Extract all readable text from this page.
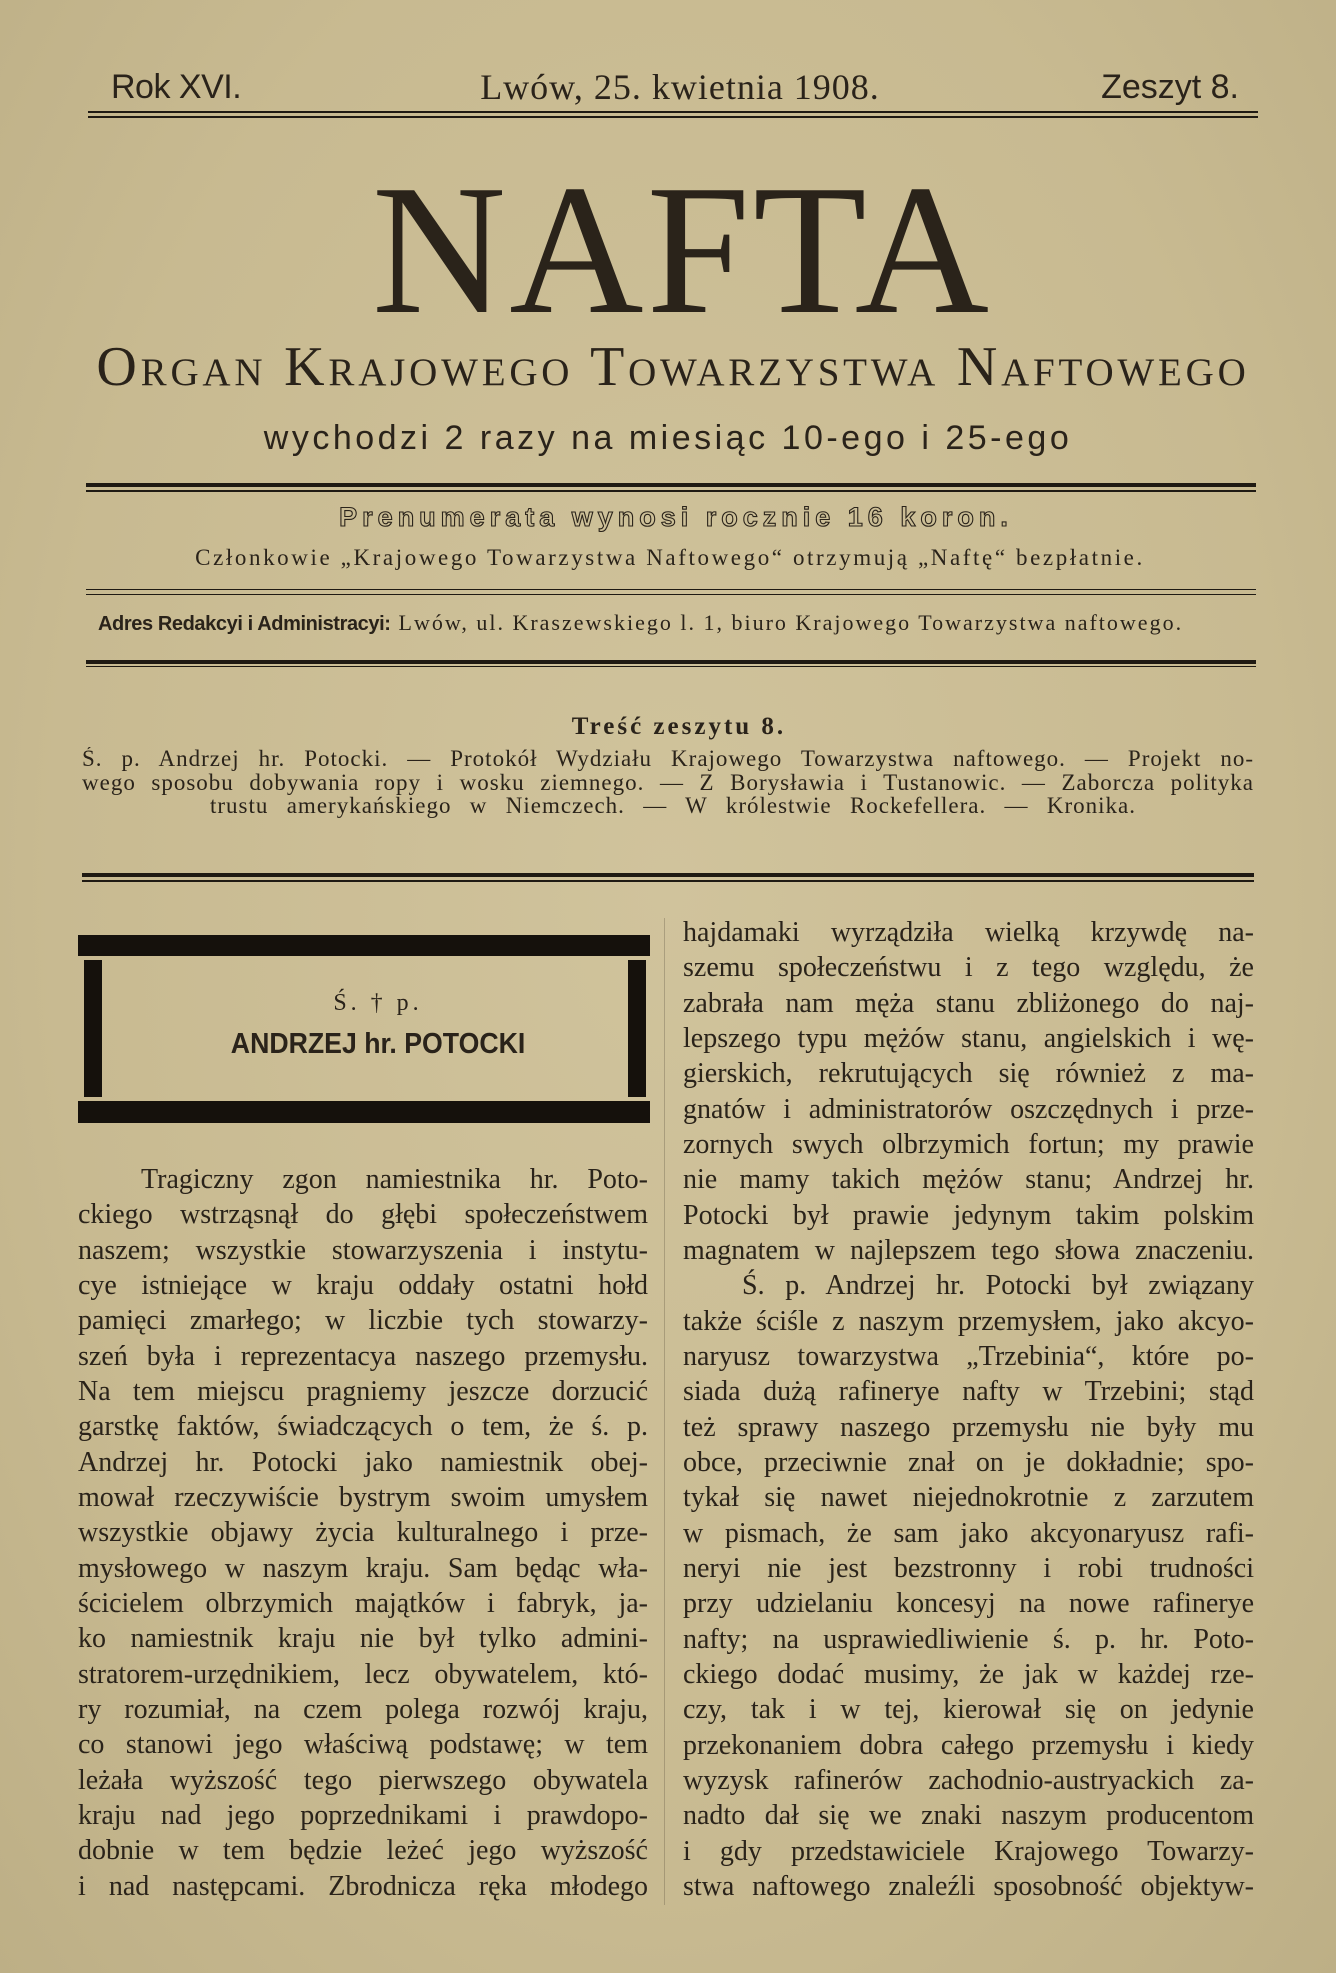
Rok XVI.	Lwów, 25. kwietnia 1908.	Zeszyt 8.
NAFTA
Organ Krajowego Towarzystwa Naftowego
wychodzi 2 razy na miesiąc 10-ego i 25-ego
Prenumerata wynosi rocznie 16 koron.
Członkowie „Krajowego Towarzystwa Naftowego“ otrzymują „Naftę“ bezpłatnie.
Adres Redakcyi i Administracyi: Lwów, ul. Kraszewskiego l. 1, biuro Krajowego Towarzystwa naftowego.
Treść zeszytu 8.
Ś. p. Andrzej hr. Potocki. — Protokół Wydziału Krajowego Towarzystwa naftowego. — Projekt no-
wego sposobu dobywania ropy i wosku ziemnego. — Z Borysławia i Tustanowic. — Zaborcza polityka
trustu amerykańskiego w Niemczech. — W królestwie Rockefellera. — Kronika.
Ś. † p.
ANDRZEJ hr. POTOCKI
Tragiczny zgon namiestnika hr. Poto-
ckiego wstrząsnął do głębi społeczeństwem
naszem; wszystkie stowarzyszenia i instytu-
cye istniejące w kraju oddały ostatni hołd
pamięci zmarłego; w liczbie tych stowarzy-
szeń była i reprezentacya naszego przemysłu.
Na tem miejscu pragniemy jeszcze dorzucić
garstkę faktów, świadczących o tem, że ś. p.
Andrzej hr. Potocki jako namiestnik obej-
mował rzeczywiście bystrym swoim umysłem
wszystkie objawy życia kulturalnego i prze-
mysłowego w naszym kraju. Sam będąc wła-
ścicielem olbrzymich majątków i fabryk, ja-
ko namiestnik kraju nie był tylko admini-
stratorem-urzędnikiem, lecz obywatelem, któ-
ry rozumiał, na czem polega rozwój kraju,
co stanowi jego właściwą podstawę; w tem
leżała wyższość tego pierwszego obywatela
kraju nad jego poprzednikami i prawdopo-
dobnie w tem będzie leżeć jego wyższość
i nad następcami. Zbrodnicza ręka młodego
hajdamaki wyrządziła wielką krzywdę na-
szemu społeczeństwu i z tego względu, że
zabrała nam męża stanu zbliżonego do naj-
lepszego typu mężów stanu, angielskich i wę-
gierskich, rekrutujących się również z ma-
gnatów i administratorów oszczędnych i prze-
zornych swych olbrzymich fortun; my prawie
nie mamy takich mężów stanu; Andrzej hr.
Potocki był prawie jedynym takim polskim
magnatem w najlepszem tego słowa znaczeniu.
Ś. p. Andrzej hr. Potocki był związany
także ściśle z naszym przemysłem, jako akcyo-
naryusz towarzystwa „Trzebinia“, które po-
siada dużą rafinerye nafty w Trzebini; stąd
też sprawy naszego przemysłu nie były mu
obce, przeciwnie znał on je dokładnie; spo-
tykał się nawet niejednokrotnie z zarzutem
w pismach, że sam jako akcyonaryusz rafi-
neryi nie jest bezstronny i robi trudności
przy udzielaniu koncesyj na nowe rafinerye
nafty; na usprawiedliwienie ś. p. hr. Poto-
ckiego dodać musimy, że jak w każdej rze-
czy, tak i w tej, kierował się on jedynie
przekonaniem dobra całego przemysłu i kiedy
wyzysk rafinerów zachodnio-austryackich za-
nadto dał się we znaki naszym producentom
i gdy przedstawiciele Krajowego Towarzy-
stwa naftowego znaleźli sposobność objektyw-
